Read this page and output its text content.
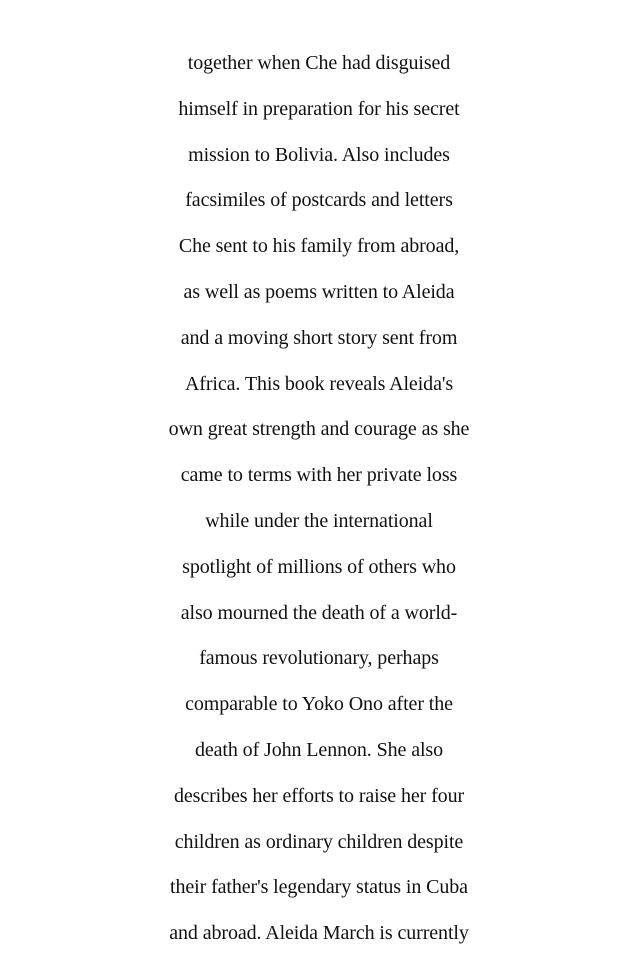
together when Che had disguised
himself in preparation for his secret
mission to Bolivia. Also includes
facsimiles of postcards and letters
Che sent to his family from abroad,
as well as poems written to Aleida
and a moving short story sent from
Africa. This book reveals Aleida's
own great strength and courage as she
came to terms with her private loss
while under the international
spotlight of millions of others who
also mourned the death of a world-
famous revolutionary, perhaps
comparable to Yoko Ono after the
death of John Lennon. She also
describes her efforts to raise her four
children as ordinary children despite
their father's legendary status in Cuba
and abroad. Aleida March is currently
